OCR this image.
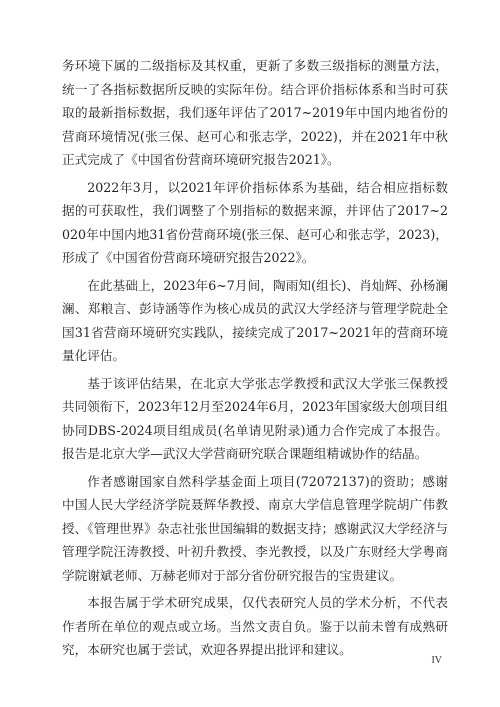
务环境下属的二级指标及其权重，更新了多数三级指标的测量方法，统一了各指标数据所反映的实际年份。结合评价指标体系和当时可获取的最新指标数据，我们逐年评估了2017~2019年中国内地省份的营商环境情况(张三保、赵可心和张志学，2022)，并在2021年中秋正式完成了《中国省份营商环境研究报告2021》。

2022年3月，以2021年评价指标体系为基础，结合相应指标数据的可获取性，我们调整了个别指标的数据来源，并评估了2017~2020年中国内地31省份营商环境(张三保、赵可心和张志学，2023)，形成了《中国省份营商环境研究报告2022》。

在此基础上，2023年6~7月间，陶雨知(组长)、肖灿辉、孙杨澜澜、郑粮言、彭诗涵等作为核心成员的武汉大学经济与管理学院赴全国31省营商环境研究实践队，接续完成了2017~2021年的营商环境量化评估。

基于该评估结果，在北京大学张志学教授和武汉大学张三保教授共同领衔下，2023年12月至2024年6月，2023年国家级大创项目组协同DBS-2024项目组成员(名单请见附录)通力合作完成了本报告。报告是北京大学—武汉大学营商研究联合课题组精诚协作的结晶。

作者感谢国家自然科学基金面上项目(72072137)的资助；感谢中国人民大学经济学院聂辉华教授、南京大学信息管理学院胡广伟教授、《管理世界》杂志社张世国编辑的数据支持；感谢武汉大学经济与管理学院汪涛教授、叶初升教授、李光教授，以及广东财经大学粤商学院谢斌老师、万赫老师对于部分省份研究报告的宝贵建议。

本报告属于学术研究成果，仅代表研究人员的学术分析，不代表作者所在单位的观点或立场。当然文责自负。鉴于以前未曾有成熟研究，本研究也属于尝试，欢迎各界提出批评和建议。

IV
